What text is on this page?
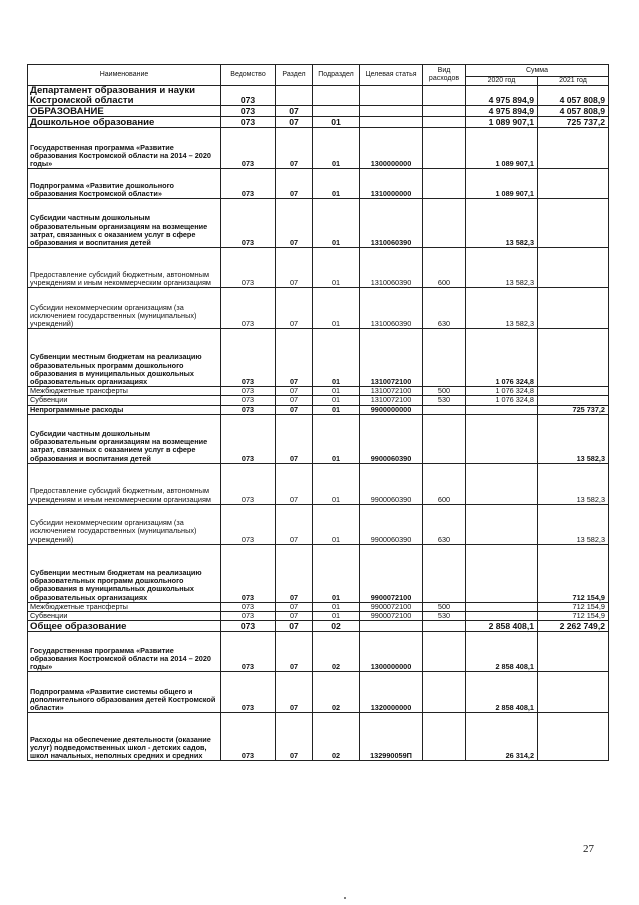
Наименование	Ведомство	Раздел	Подраздел	Целевая статья	Вид расходов	Сумма	
						2020 год	2021 год
Департамент образования и науки Костромской области	073					4 975 894,9	4 057 808,9
ОБРАЗОВАНИЕ	073	07				4 975 894,9	4 057 808,9
Дошкольное образование	073	07	01			1 089 907,1	725 737,2
Государственная программа «Развитие образования Костромской области на 2014 – 2020 годы»	073	07	01	1300000000		1 089 907,1	
Подпрограмма «Развитие дошкольного образования Костромской области»	073	07	01	1310000000		1 089 907,1	
Субсидии частным дошкольным образовательным организациям на возмещение затрат, связанных с оказанием услуг в сфере образования и воспитания детей	073	07	01	1310060390		13 582,3	
Предоставление субсидий бюджетным, автономным учреждениям и иным некоммерческим организациям	073	07	01	1310060390	600	13 582,3	
Субсидии некоммерческим организациям (за исключением государственных (муниципальных) учреждений)	073	07	01	1310060390	630	13 582,3	
Субвенции местным бюджетам на реализацию образовательных программ дошкольного образования в муниципальных дошкольных образовательных организациях	073	07	01	1310072100		1 076 324,8	
Межбюджетные трансферты	073	07	01	1310072100	500	1 076 324,8	
Субвенции	073	07	01	1310072100	530	1 076 324,8	
Непрограммные расходы	073	07	01	9900000000			725 737,2
Субсидии частным дошкольным образовательным организациям на возмещение затрат, связанных с оказанием услуг в сфере образования и воспитания детей	073	07	01	9900060390			13 582,3
Предоставление субсидий бюджетным, автономным учреждениям и иным некоммерческим организациям	073	07	01	9900060390	600		13 582,3
Субсидии некоммерческим организациям (за исключением государственных (муниципальных) учреждений)	073	07	01	9900060390	630		13 582,3
Субвенции местным бюджетам на реализацию образовательных программ дошкольного образования в муниципальных дошкольных образовательных организациях	073	07	01	9900072100			712 154,9
Межбюджетные трансферты	073	07	01	9900072100	500		712 154,9
Субвенции	073	07	01	9900072100	530		712 154,9
Общее образование	073	07	02			2 858 408,1	2 262 749,2
Государственная программа «Развитие образования Костромской области на 2014 – 2020 годы»	073	07	02	1300000000		2 858 408,1	
Подпрограмма «Развитие системы общего и дополнительного образования детей Костромской области»	073	07	02	1320000000		2 858 408,1	
Расходы на обеспечение деятельности (оказание услуг) подведомственных школ - детских садов, школ начальных, неполных средних и средних	073	07	02	132990059П		26 314,2	
27
